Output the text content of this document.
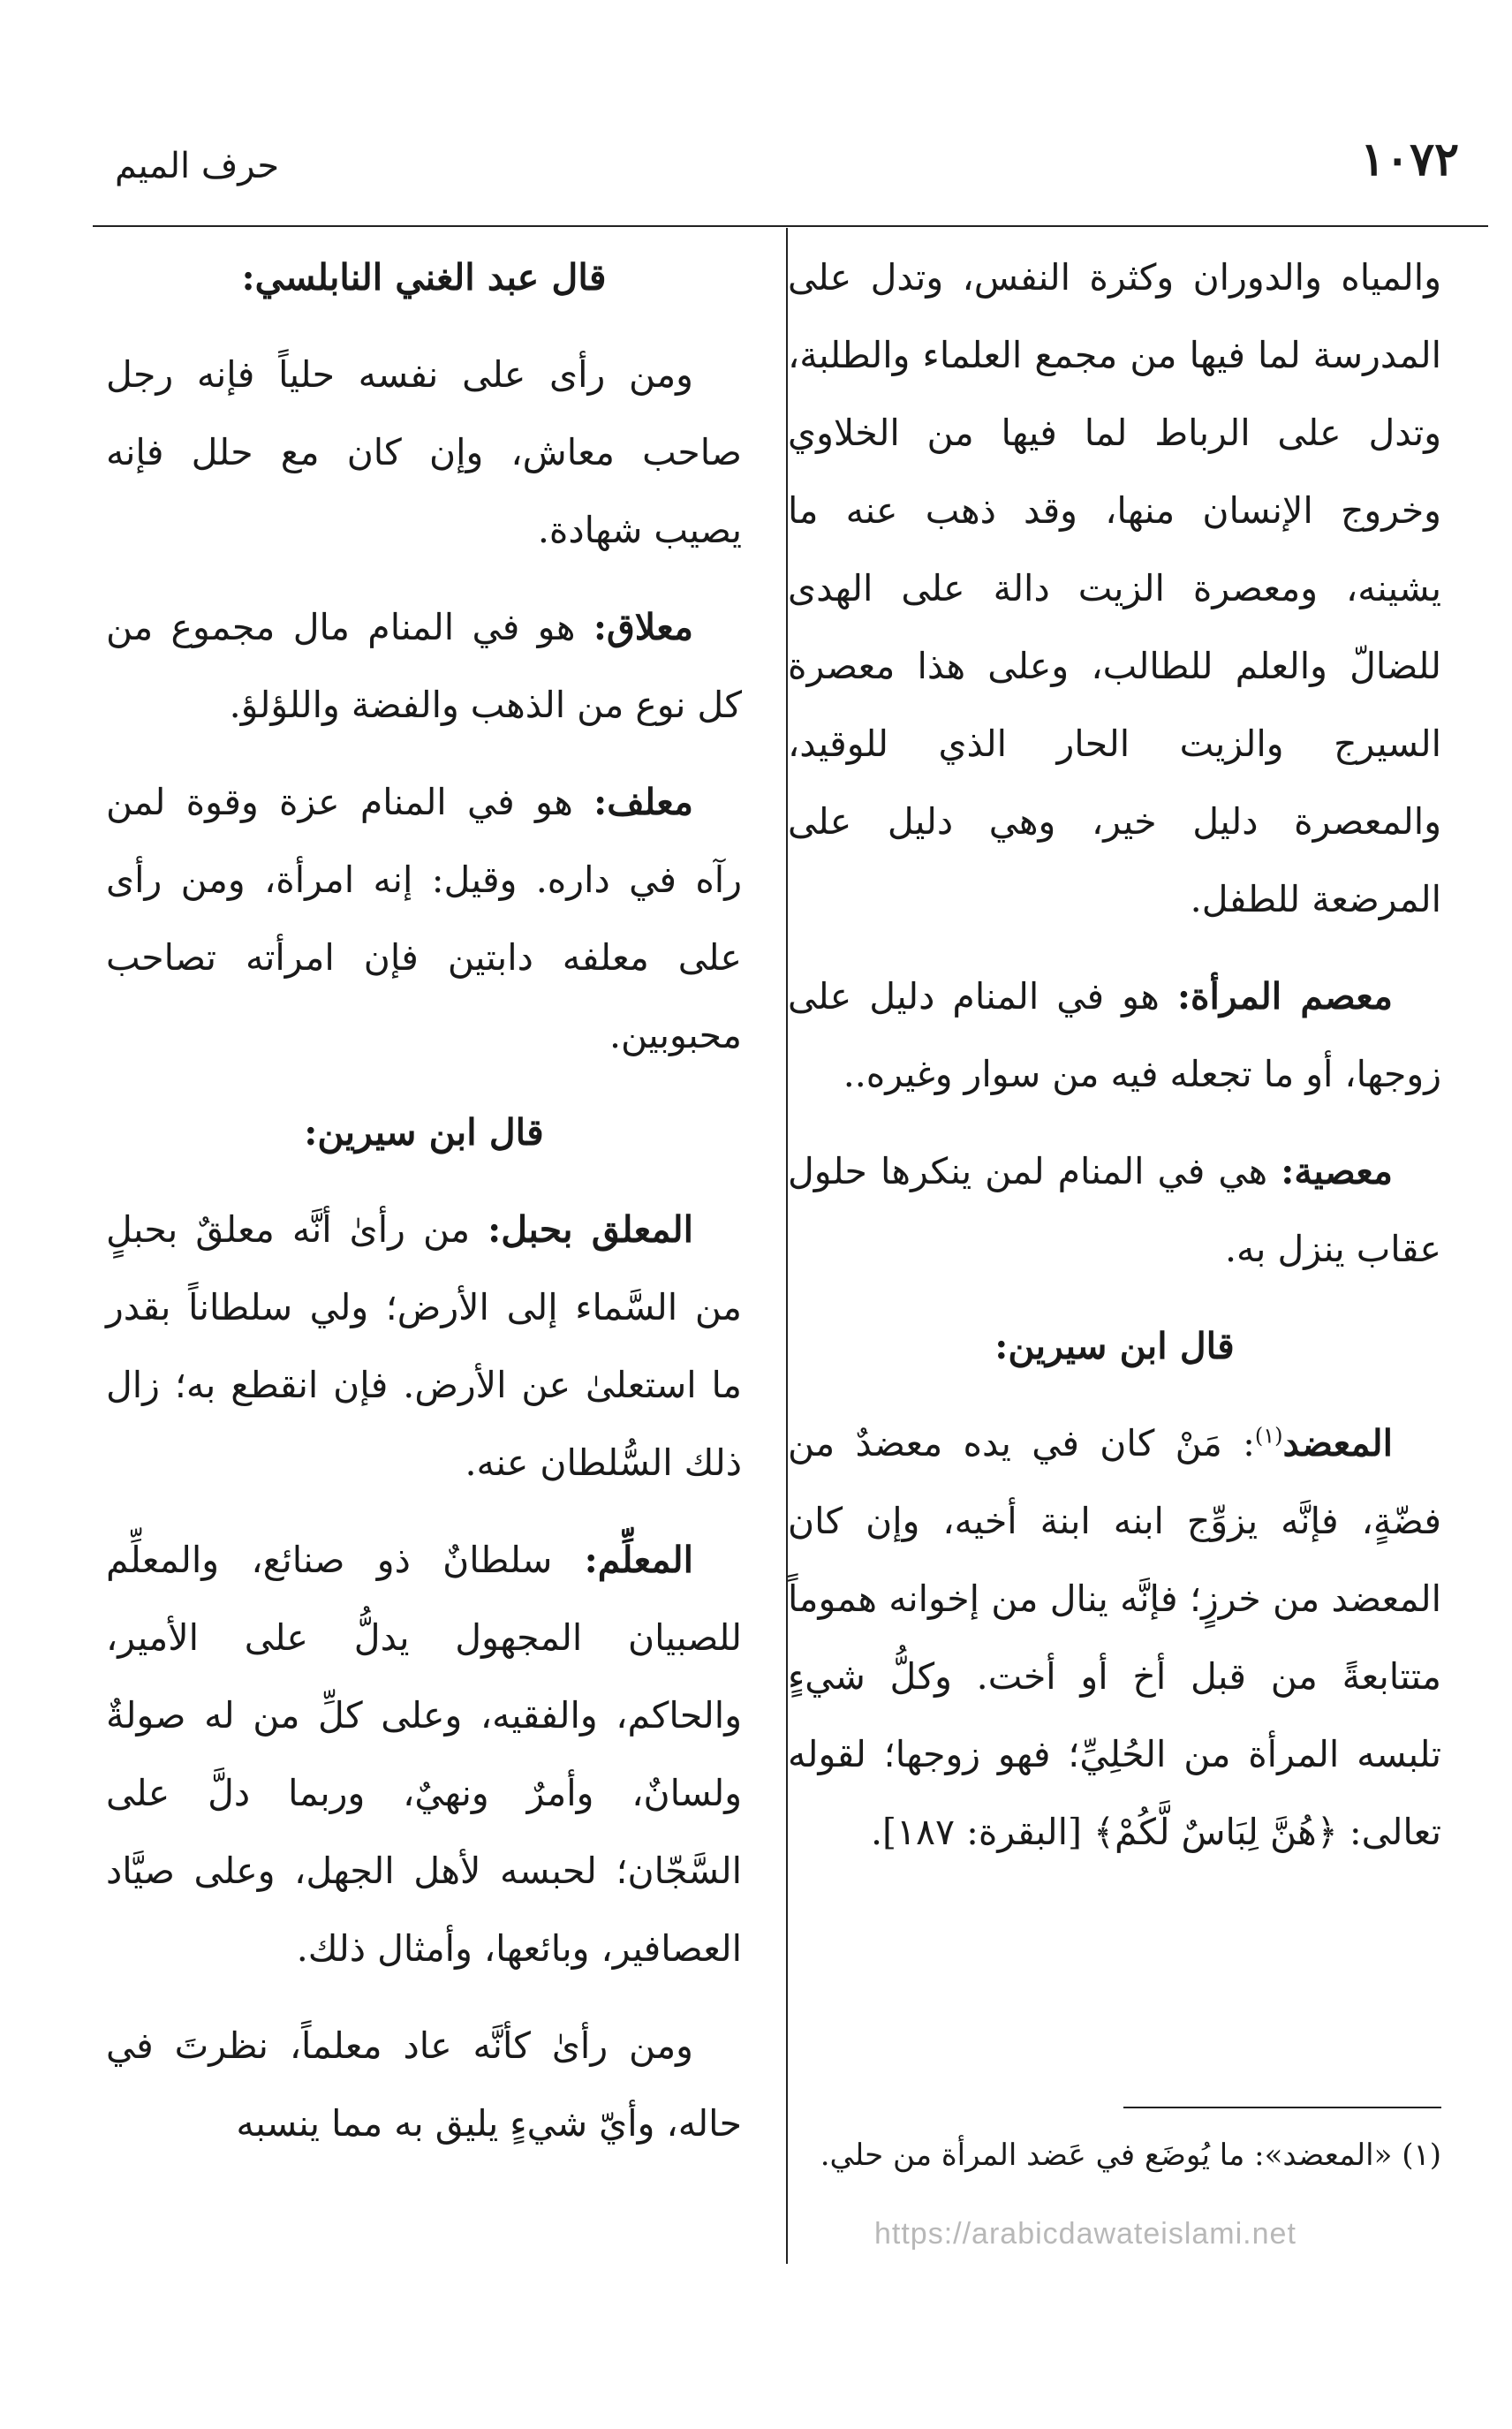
١٠٧٢
حرف الميم

والمياه والدوران وكثرة النفس، وتدل على المدرسة لما فيها من مجمع العلماء والطلبة، وتدل على الرباط لما فيها من الخلاوي وخروج الإنسان منها، وقد ذهب عنه ما يشينه، ومعصرة الزيت دالة على الهدى للضالّ والعلم للطالب، وعلى هذا معصرة السيرج والزيت الحار الذي للوقيد، والمعصرة دليل خير، وهي دليل على المرضعة للطفل.

معصم المرأة: هو في المنام دليل على زوجها، أو ما تجعله فيه من سوار وغيره..

معصية: هي في المنام لمن ينكرها حلول عقاب ينزل به.

قال ابن سيرين:

المعضد$^{(١)}$: مَنْ كان في يده معضدٌ من فضّةٍ، فإنَّه يزوِّج ابنه ابنة أخيه، وإن كان المعضد من خرزٍ؛ فإنَّه ينال من إخوانه هموماً متتابعةً من قبل أخ أو أخت. وكلُّ شيءٍ تلبسه المرأة من الحُلِيِّ؛ فهو زوجها؛ لقوله تعالى: ﴿هُنَّ لِبَاسٌ لَّكُمْ﴾ [البقرة: ١٨٧].

قال عبد الغني النابلسي:

ومن رأى على نفسه حلياً فإنه رجل صاحب معاش، وإن كان مع حلل فإنه يصيب شهادة.

معلاق: هو في المنام مال مجموع من كل نوع من الذهب والفضة واللؤلؤ.

معلف: هو في المنام عزة وقوة لمن رآه في داره. وقيل: إنه امرأة، ومن رأى على معلفه دابتين فإن امرأته تصاحب محبوبين.

قال ابن سيرين:

المعلق بحبل: من رأىٰ أنَّه معلقٌ بحبلٍ من السَّماء إلى الأرض؛ ولي سلطاناً بقدر ما استعلىٰ عن الأرض. فإن انقطع به؛ زال ذلك السُّلطان عنه.

المعلِّم: سلطانٌ ذو صنائع، والمعلِّم للصبيان المجهول يدلُّ على الأمير، والحاكم، والفقيه، وعلى كلِّ من له صولةٌ ولسانٌ، وأمرٌ ونهيٌ، وربما دلَّ على السَّجّان؛ لحبسه لأهل الجهل، وعلى صيَّاد العصافير، وبائعها، وأمثال ذلك.

ومن رأىٰ كأنَّه عاد معلماً، نظرتَ في حاله، وأيّ شيءٍ يليق به مما ينسبه

(١) «المعضد»: ما يُوضَع في عَضد المرأة من حلي.
https://arabicdawateislami.net
